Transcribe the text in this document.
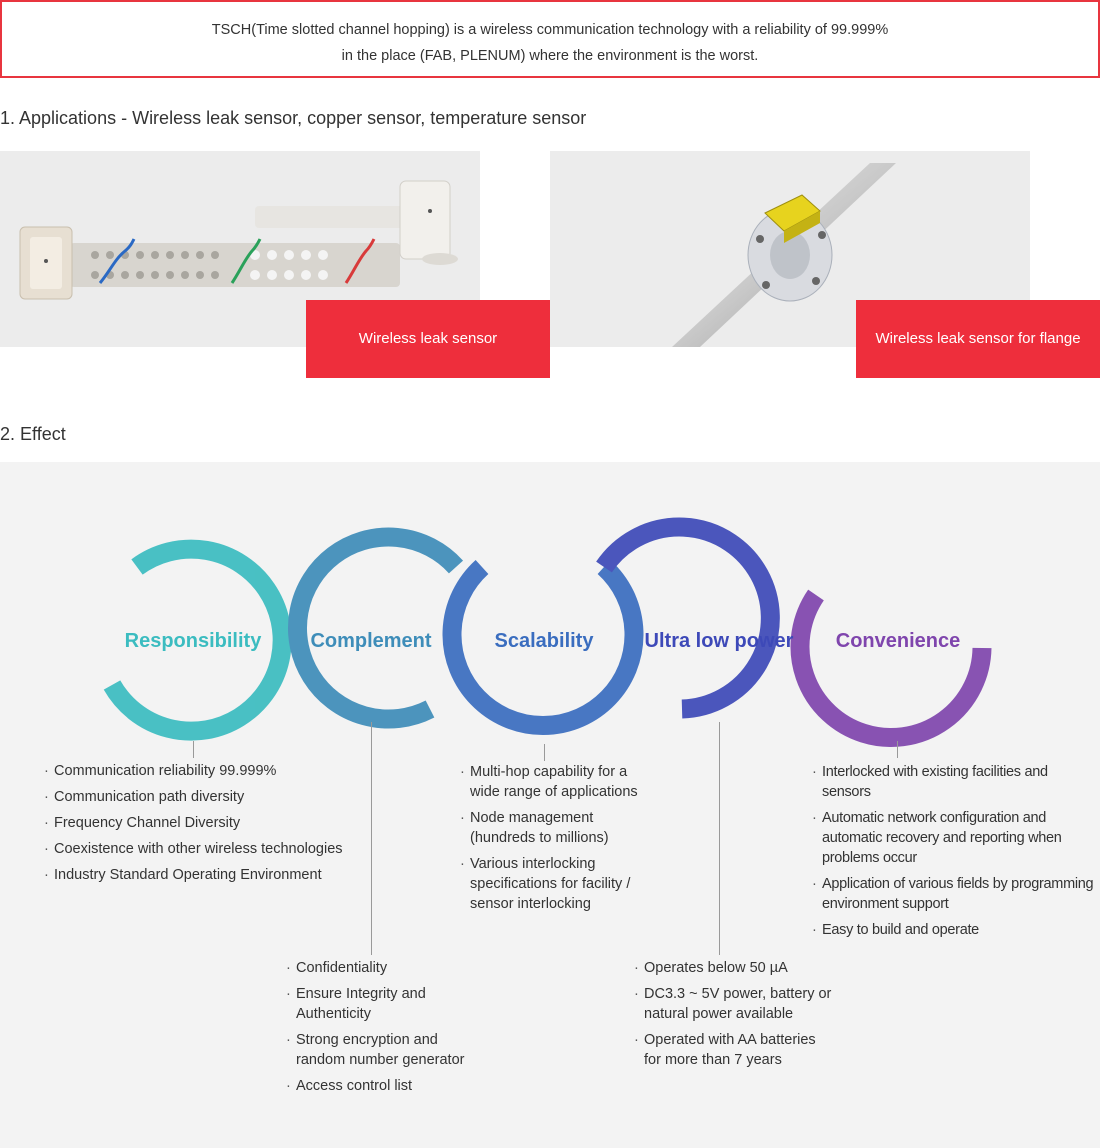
TSCH(Time slotted channel hopping) is a wireless communication technology with a reliability of 99.999%

in the place (FAB, PLENUM) where the environment is the worst.

1. Applications - Wireless leak sensor, copper sensor, temperature sensor
Wireless leak sensor	Wireless leak sensor for flange
2. Effect
Responsibility	Complement	Scalability	Ultra low power	Convenience
· Communication reliability 99.999%
· Communication path diversity
· Frequency Channel Diversity
· Coexistence with other wireless technologies
· Industry Standard Operating Environment
· Confidentiality
· Ensure Integrity and Authenticity
· Strong encryption and random number generator
· Access control list
· Multi-hop capability for a wide range of applications
· Node management (hundreds to millions)
· Various interlocking specifications for facility / sensor interlocking
· Operates below 50 µA
· DC3.3 ~ 5V power, battery or natural power available
· Operated with AA batteries for more than 7 years
· Interlocked with existing facilities and sensors
· Automatic network configuration and automatic recovery and reporting when problems occur
· Application of various fields by programming environment support
· Easy to build and operate
